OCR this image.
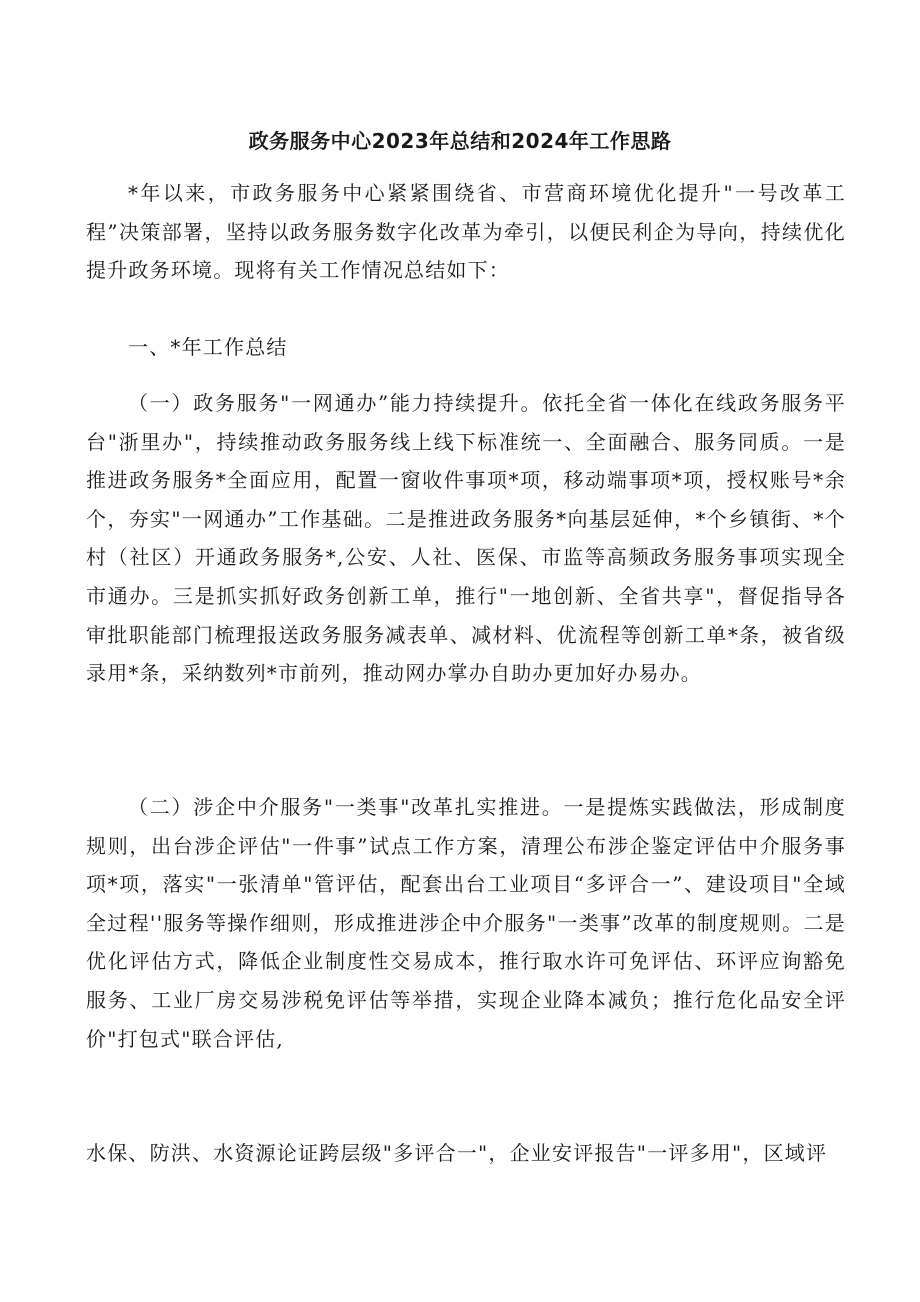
政务服务中心2023年总结和2024年工作思路

*年以来，市政务服务中心紧紧围绕省、市营商环境优化提升"一号改革工程”决策部署，坚持以政务服务数字化改革为牵引，以便民利企为导向，持续优化提升政务环境。现将有关工作情况总结如下：

一、*年工作总结

（一）政务服务"一网通办”能力持续提升。依托全省一体化在线政务服务平台"浙里办"，持续推动政务服务线上线下标准统一、全面融合、服务同质。一是推进政务服务*全面应用，配置一窗收件事项*项，移动端事项*项，授权账号*余个，夯实"一网通办”工作基础。二是推进政务服务*向基层延伸，*个乡镇街、*个村（社区）开通政务服务*,公安、人社、医保、市监等高频政务服务事项实现全市通办。三是抓实抓好政务创新工单，推行"一地创新、全省共享"，督促指导各审批职能部门梳理报送政务服务减表单、减材料、优流程等创新工单*条，被省级录用*条，采纳数列*市前列，推动网办掌办自助办更加好办易办。

（二）涉企中介服务"一类事"改革扎实推进。一是提炼实践做法，形成制度规则，出台涉企评估"一件事”试点工作方案，清理公布涉企鉴定评估中介服务事项*项，落实"一张清单"管评估，配套出台工业项目“多评合一”、建设项目"全域全过程''服务等操作细则，形成推进涉企中介服务"一类事”改革的制度规则。二是优化评估方式，降低企业制度性交易成本，推行取水许可免评估、环评应询豁免服务、工业厂房交易涉税免评估等举措，实现企业降本减负；推行危化品安全评价"打包式"联合评估,

水保、防洪、水资源论证跨层级"多评合一"，企业安评报告"一评多用"，区域评
